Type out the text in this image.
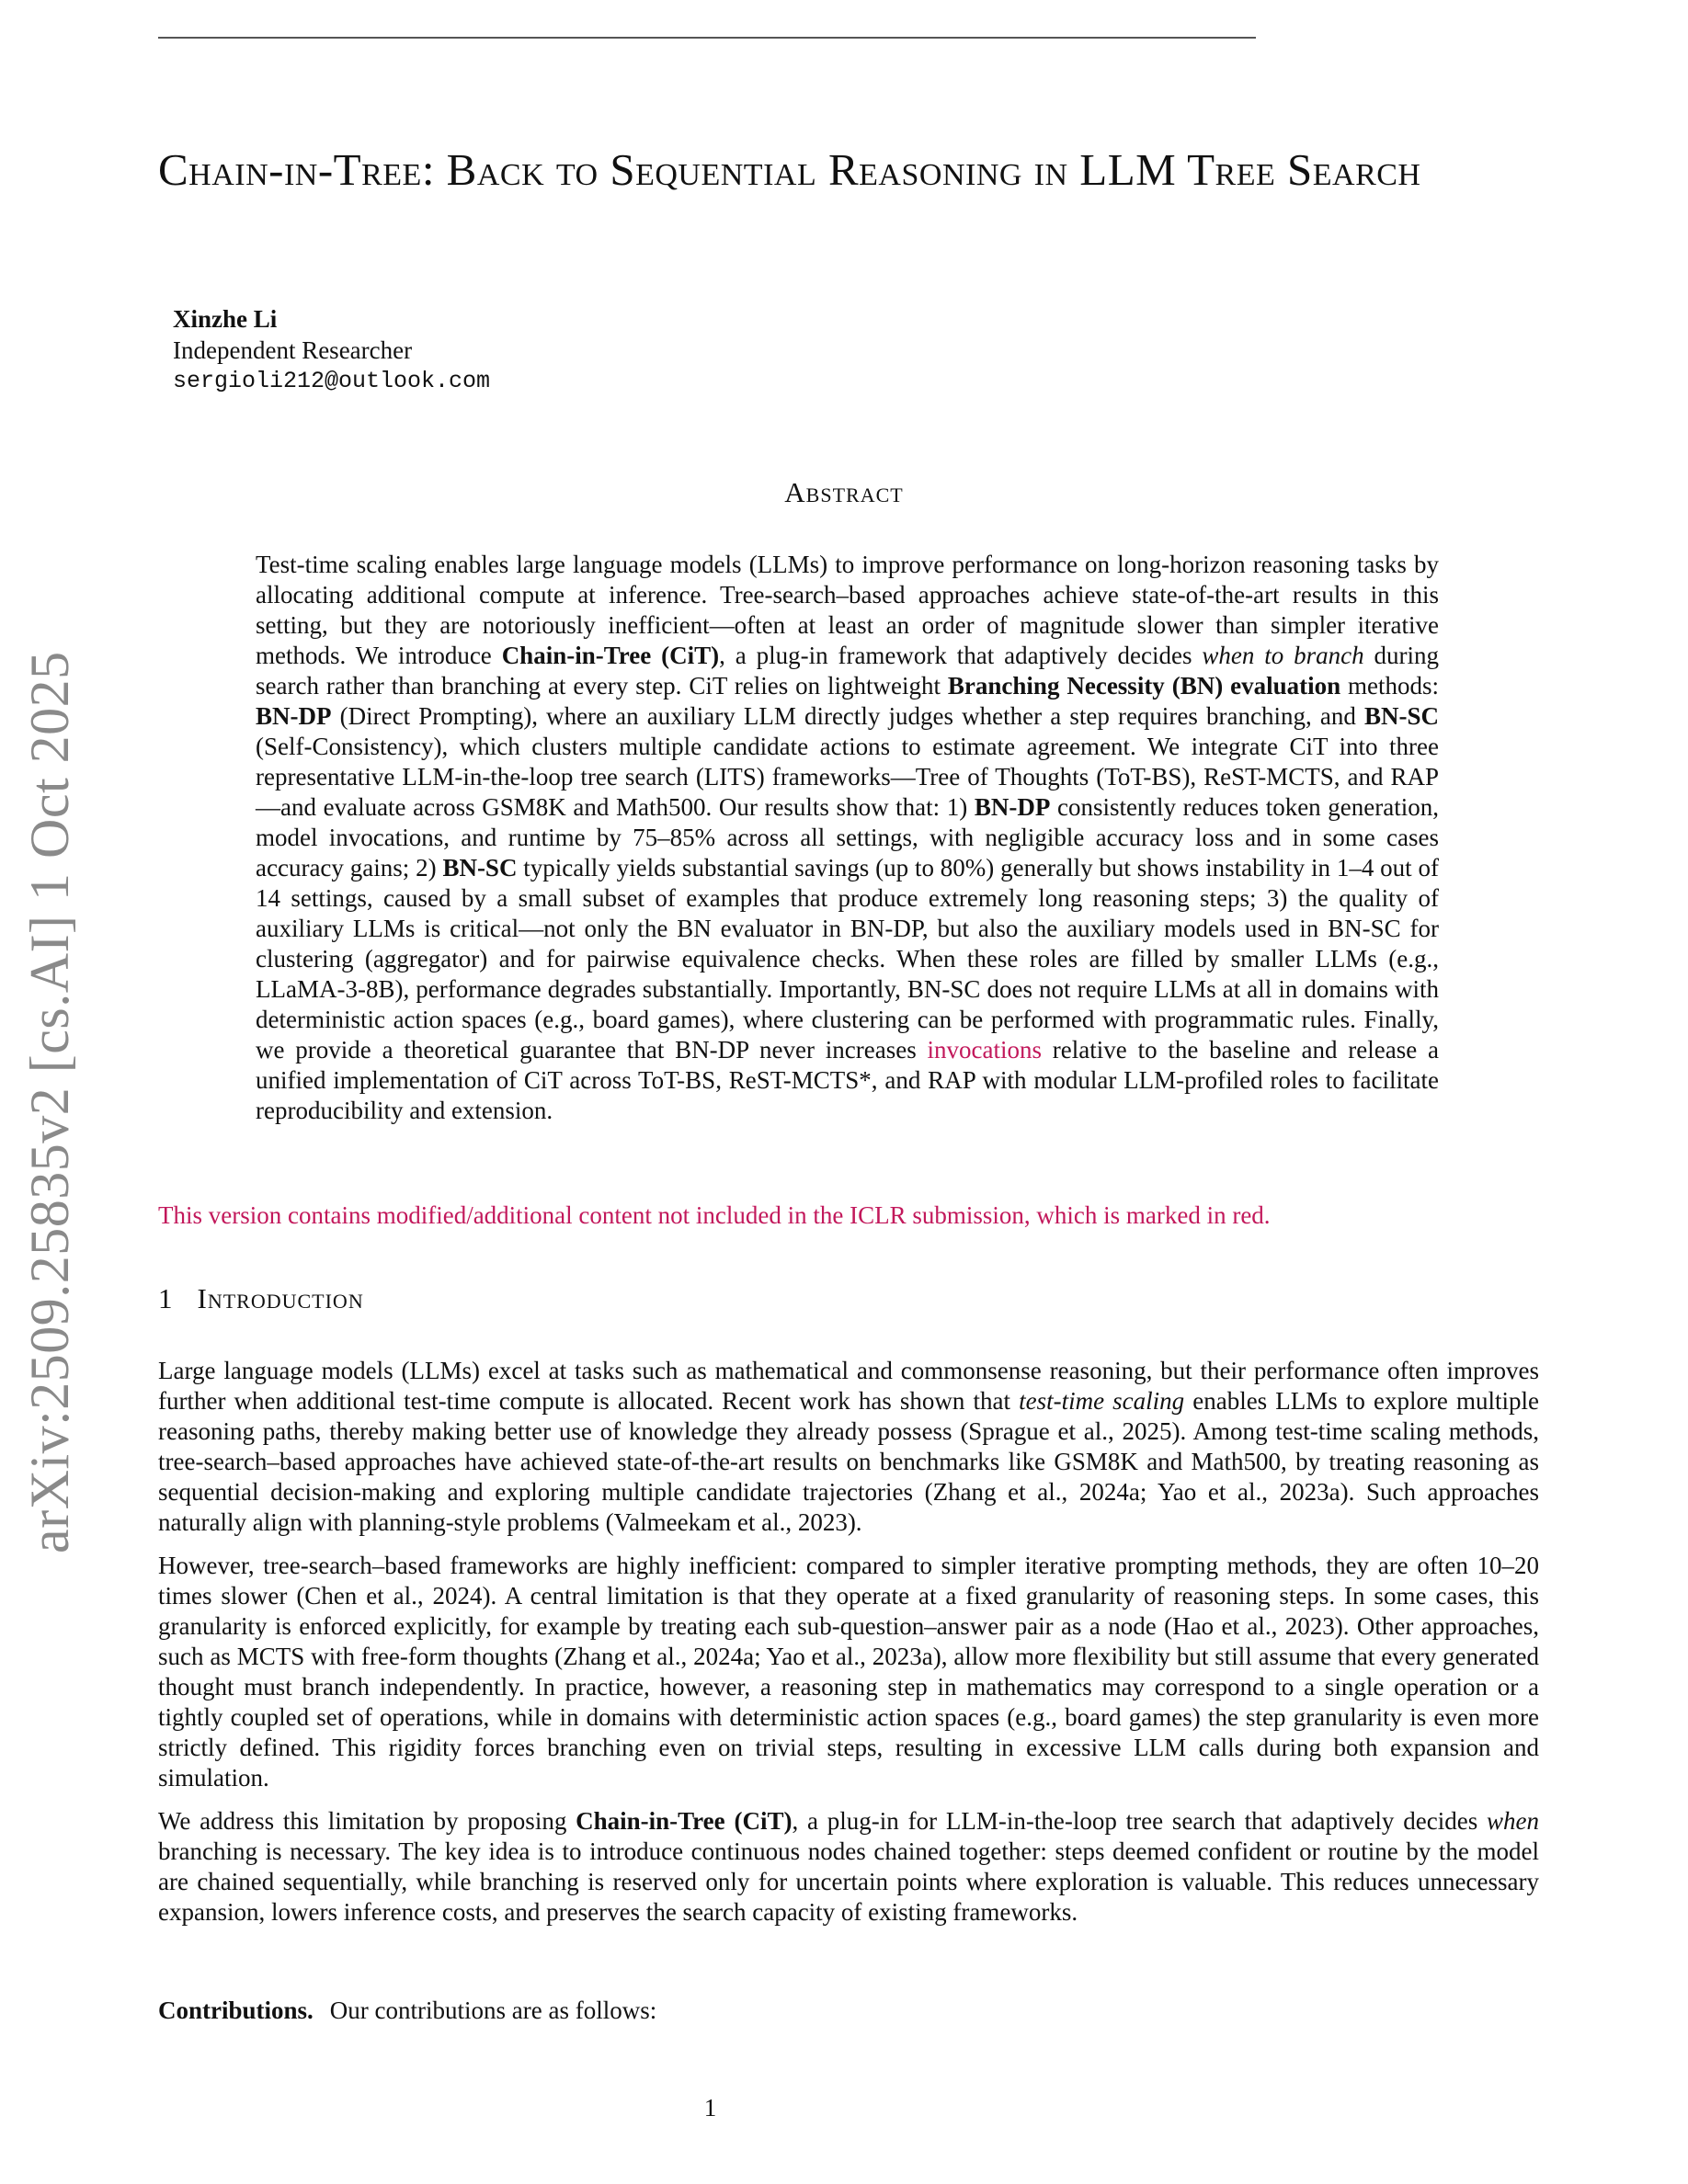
arXiv:2509.25835v2 [cs.AI] 1 Oct 2025
Chain-in-Tree: Back to Sequential Reasoning in LLM Tree Search
Xinzhe Li
Independent Researcher
sergioli212@outlook.com
Abstract
Test-time scaling enables large language models (LLMs) to improve performance on long-horizon reasoning tasks by allocating additional compute at inference. Tree-search–based approaches achieve state-of-the-art results in this setting, but they are notoriously inefficient—often at least an order of magnitude slower than simpler iterative methods. We introduce Chain-in-Tree (CiT), a plug-in framework that adaptively decides when to branch during search rather than branching at every step. CiT relies on lightweight Branching Necessity (BN) evaluation methods: BN-DP (Direct Prompting), where an auxiliary LLM directly judges whether a step requires branching, and BN-SC (Self-Consistency), which clusters multiple candidate actions to estimate agreement. We integrate CiT into three representative LLM-in-the-loop tree search (LITS) frameworks—Tree of Thoughts (ToT-BS), ReST-MCTS, and RAP—and evaluate across GSM8K and Math500. Our results show that: 1) BN-DP consistently reduces token generation, model invocations, and runtime by 75–85% across all settings, with negligible accuracy loss and in some cases accuracy gains; 2) BN-SC typically yields substantial savings (up to 80%) generally but shows instability in 1–4 out of 14 settings, caused by a small subset of examples that produce extremely long reasoning steps; 3) the quality of auxiliary LLMs is critical—not only the BN evaluator in BN-DP, but also the auxiliary models used in BN-SC for clustering (aggregator) and for pairwise equivalence checks. When these roles are filled by smaller LLMs (e.g., LLaMA-3-8B), performance degrades substantially. Importantly, BN-SC does not require LLMs at all in domains with deterministic action spaces (e.g., board games), where clustering can be performed with programmatic rules. Finally, we provide a theoretical guarantee that BN-DP never increases invocations relative to the baseline and release a unified implementation of CiT across ToT-BS, ReST-MCTS*, and RAP with modular LLM-profiled roles to facilitate reproducibility and extension.
This version contains modified/additional content not included in the ICLR submission, which is marked in red.
1 Introduction

Large language models (LLMs) excel at tasks such as mathematical and commonsense reasoning, but their performance often improves further when additional test-time compute is allocated. Recent work has shown that test-time scaling enables LLMs to explore multiple reasoning paths, thereby making better use of knowledge they already possess (Sprague et al., 2025). Among test-time scaling methods, tree-search–based approaches have achieved state-of-the-art results on benchmarks like GSM8K and Math500, by treating reasoning as sequential decision-making and exploring multiple candidate trajectories (Zhang et al., 2024a; Yao et al., 2023a). Such approaches naturally align with planning-style problems (Valmeekam et al., 2023).

However, tree-search–based frameworks are highly inefficient: compared to simpler iterative prompting methods, they are often 10–20 times slower (Chen et al., 2024). A central limitation is that they operate at a fixed granularity of reasoning steps. In some cases, this granularity is enforced explicitly, for example by treating each sub-question–answer pair as a node (Hao et al., 2023). Other approaches, such as MCTS with free-form thoughts (Zhang et al., 2024a; Yao et al., 2023a), allow more flexibility but still assume that every generated thought must branch independently. In practice, however, a reasoning step in mathematics may correspond to a single operation or a tightly coupled set of operations, while in domains with deterministic action spaces (e.g., board games) the step granularity is even more strictly defined. This rigidity forces branching even on trivial steps, resulting in excessive LLM calls during both expansion and simulation.

We address this limitation by proposing Chain-in-Tree (CiT), a plug-in for LLM-in-the-loop tree search that adaptively decides when branching is necessary. The key idea is to introduce continuous nodes chained together: steps deemed confident or routine by the model are chained sequentially, while branching is reserved only for uncertain points where exploration is valuable. This reduces unnecessary expansion, lowers inference costs, and preserves the search capacity of existing frameworks.

Contributions. Our contributions are as follows:
1
